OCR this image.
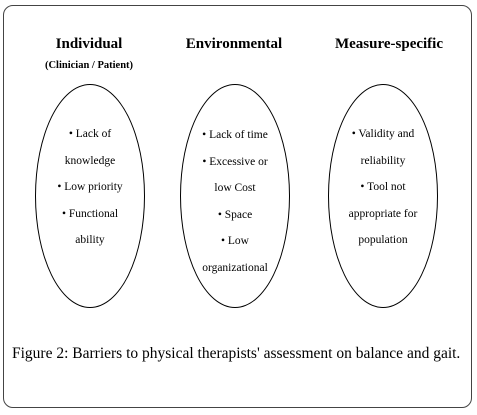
Individual
(Clinician / Patient)
• Lack of
knowledge
• Low priority
• Functional
ability
Environmental
• Lack of time
• Excessive or
low Cost
• Space
• Low
organizational
Measure-specific
• Validity and
reliability
• Tool not
appropriate for
population
Figure 2: Barriers to physical therapists' assessment on balance and gait.
